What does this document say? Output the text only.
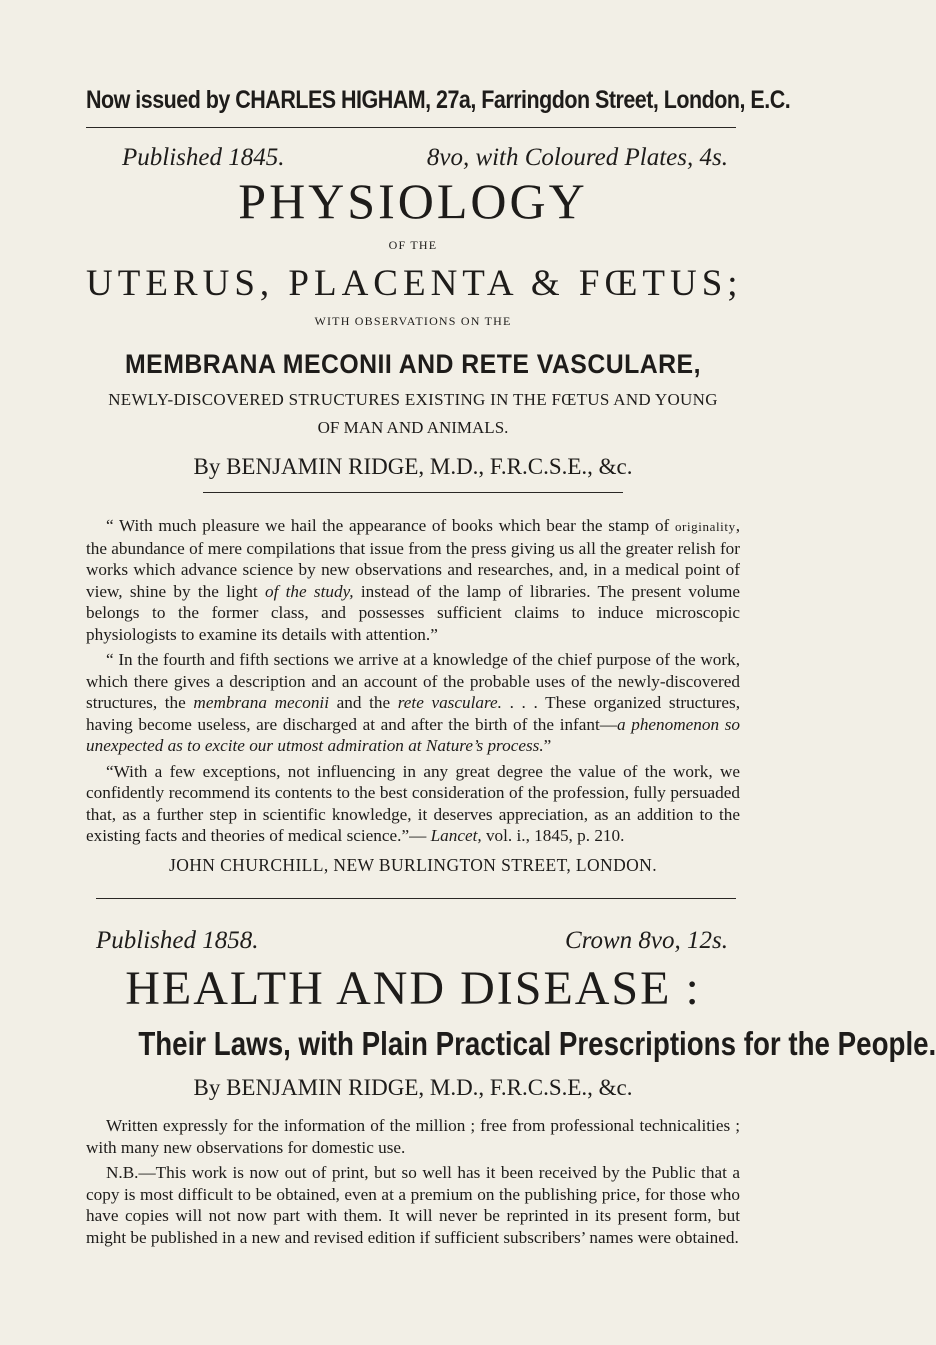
Now issued by CHARLES HIGHAM, 27a, Farringdon Street, London, E.C.
Published 1845.	8vo, with Coloured Plates, 4s.
PHYSIOLOGY
OF THE
UTERUS, PLACENTA & FŒTUS;
WITH OBSERVATIONS ON THE
MEMBRANA MECONII AND RETE VASCULARE,
NEWLY-DISCOVERED STRUCTURES EXISTING IN THE FŒTUS AND YOUNG
OF MAN AND ANIMALS.
By BENJAMIN RIDGE, M.D., F.R.C.S.E., &c.

“ With much pleasure we hail the appearance of books which bear the stamp of originality, the abundance of mere compilations that issue from the press giving us all the greater relish for works which advance science by new observations and researches, and, in a medical point of view, shine by the light of the study, instead of the lamp of libraries. The present volume belongs to the former class, and possesses sufficient claims to induce microscopic physiologists to examine its details with attention.”

“ In the fourth and fifth sections we arrive at a knowledge of the chief purpose of the work, which there gives a description and an account of the probable uses of the newly-discovered structures, the membrana meconii and the rete vasculare. . . . These organized structures, having become useless, are discharged at and after the birth of the infant—a phenomenon so unexpected as to excite our utmost admiration at Nature’s process.”

“With a few exceptions, not influencing in any great degree the value of the work, we confidently recommend its contents to the best consideration of the profession, fully persuaded that, as a further step in scientific knowledge, it deserves appreciation, as an addition to the existing facts and theories of medical science.”— Lancet, vol. i., 1845, p. 210.

JOHN CHURCHILL, NEW BURLINGTON STREET, LONDON.
Published 1858.	Crown 8vo, 12s.
HEALTH AND DISEASE :
Their Laws, with Plain Practical Prescriptions for the People.
By BENJAMIN RIDGE, M.D., F.R.C.S.E., &c.

Written expressly for the information of the million ; free from professional technicalities ; with many new observations for domestic use.

N.B.—This work is now out of print, but so well has it been received by the Public that a copy is most difficult to be obtained, even at a premium on the publishing price, for those who have copies will not now part with them. It will never be reprinted in its present form, but might be published in a new and revised edition if sufficient subscribers’ names were obtained.
